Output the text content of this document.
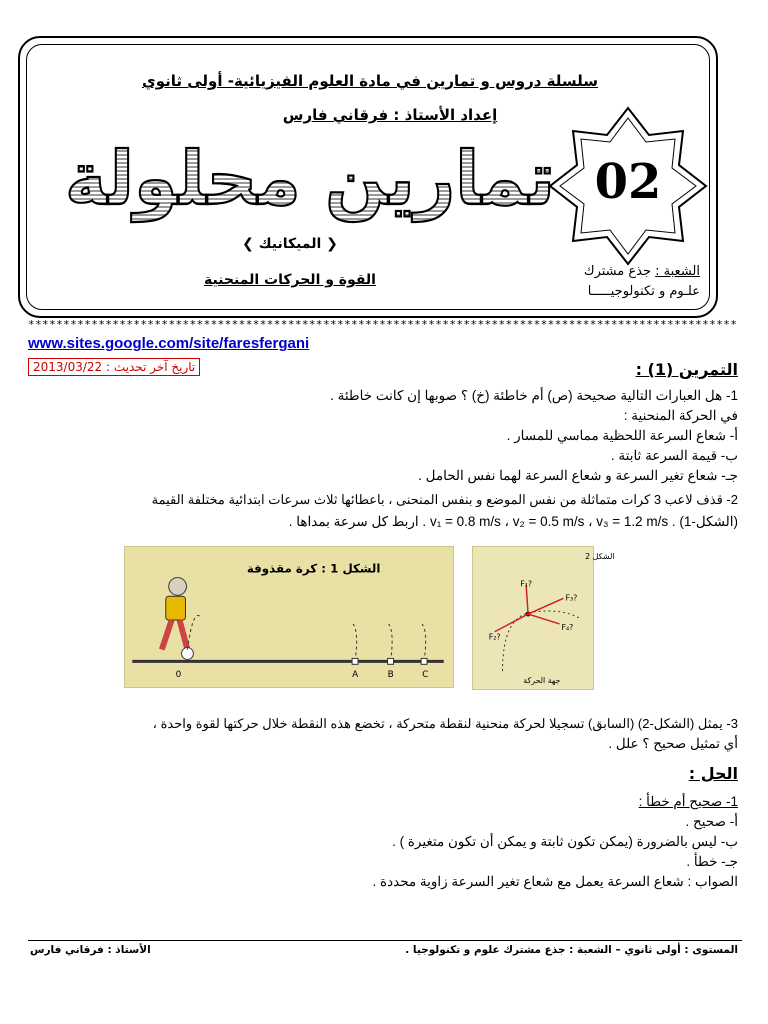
سلسلة دروس و تمارين في مادة العلوم الفيزيائية- أولى ثانوي
إعداد الأستاذ : فرقاني فارس
تمارين محلولة 02
❮ الميكانيك ❯
القوة و الحركات المنحنية
الشعبة : جذع مشترك
علـوم و تكنولوجيـــــا
*****************************************************************************************************
www.sites.google.com/site/faresfergani
تاريخ آخر تحديث : 2013/03/22	التمرين (1) :
1- هل العبارات التالية صحيحة (ص) أم خاطئة (خ) ؟ صوبها إن كانت خاطئة .
في الحركة المنحنية :
أ- شعاع السرعة اللحظية مماسي للمسار .
ب- قيمة السرعة ثابتة .
جـ- شعاع تغير السرعة و شعاع السرعة لهما نفس الحامل .
2- قذف لاعب 3 كرات متماثلة من نفس الموضع و بنفس المنحنى ، باعطائها ثلاث سرعات ابتدائية مختلفة القيمة
(الشكل-1) . v₁ = 0.8 m/s ، v₂ = 0.5 m/s ، v₃ = 1.2 m/s . اربط كل سرعة بمداها .
الشكل 1 : كرة مقذوفة
0	A	B	C
الشكل 2
F₁?
F₂?
F₃?
F₄?
جهة الحركة
3- يمثل (الشكل-2) (السابق) تسجيلا لحركة منحنية لنقطة متحركة ، تخضع هذه النقطة خلال حركتها لقوة واحدة ،
أي تمثيل صحيح ؟ علل .
الحل :
1- صحيح أم خطأ :
أ- صحيح .
ب- ليس بالضرورة (يمكن تكون ثابتة و يمكن أن تكون متغيرة ) .
جـ- خطأ .
الصواب : شعاع السرعة يعمل مع شعاع تغير السرعة زاوية محددة .
المستوى : أولى ثانوي – الشعبة : جذع مشترك علوم و تكنولوجيا .
الأستاذ : فرقاني فارس
